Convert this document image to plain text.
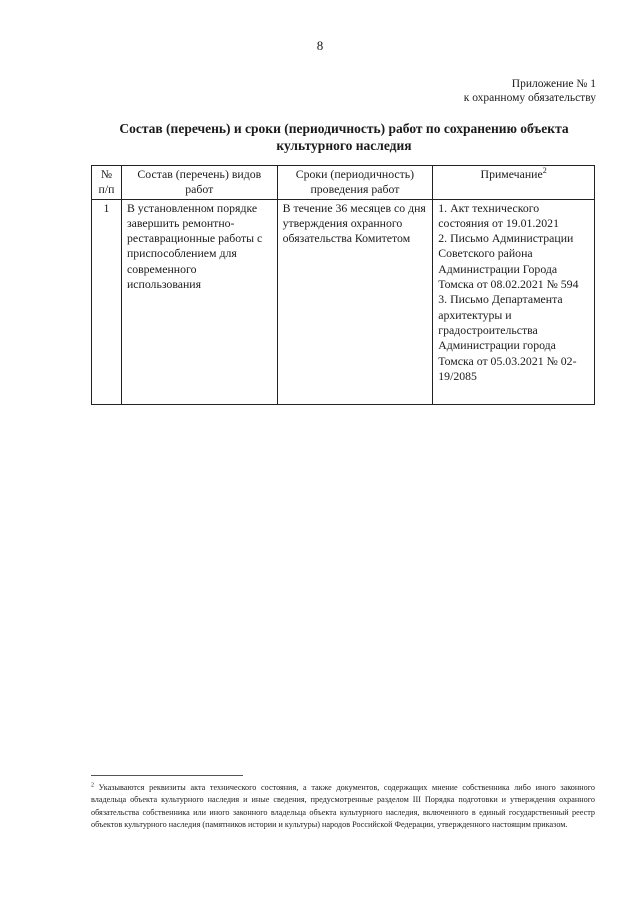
8
Приложение № 1
к охранному обязательству
Состав (перечень) и сроки (периодичность) работ по сохранению объекта
культурного наследия
№ п/п	Состав (перечень) видов работ	Сроки (периодичность) проведения работ	Примечание$^2$
1	В установленном порядке завершить ремонтно-реставрационные работы с приспособлением для современного использования	В течение 36 месяцев со дня утверждения охранного обязательства Комитетом	1. Акт технического состояния от 19.01.2021
2. Письмо Администрации Советского района Администрации Города Томска от 08.02.2021 № 594
3. Письмо Департамента архитектуры и градостроительства Администрации города Томска от 05.03.2021 № 02-19/2085
$^2$ Указываются реквизиты акта технического состояния, а также документов, содержащих мнение собственника либо иного законного владельца объекта культурного наследия и иные сведения, предусмотренные разделом III Порядка подготовки и утверждения охранного обязательства собственника или иного законного владельца объекта культурного наследия, включенного в единый государственный реестр объектов культурного наследия (памятников истории и культуры) народов Российской Федерации, утвержденного настоящим приказом.
